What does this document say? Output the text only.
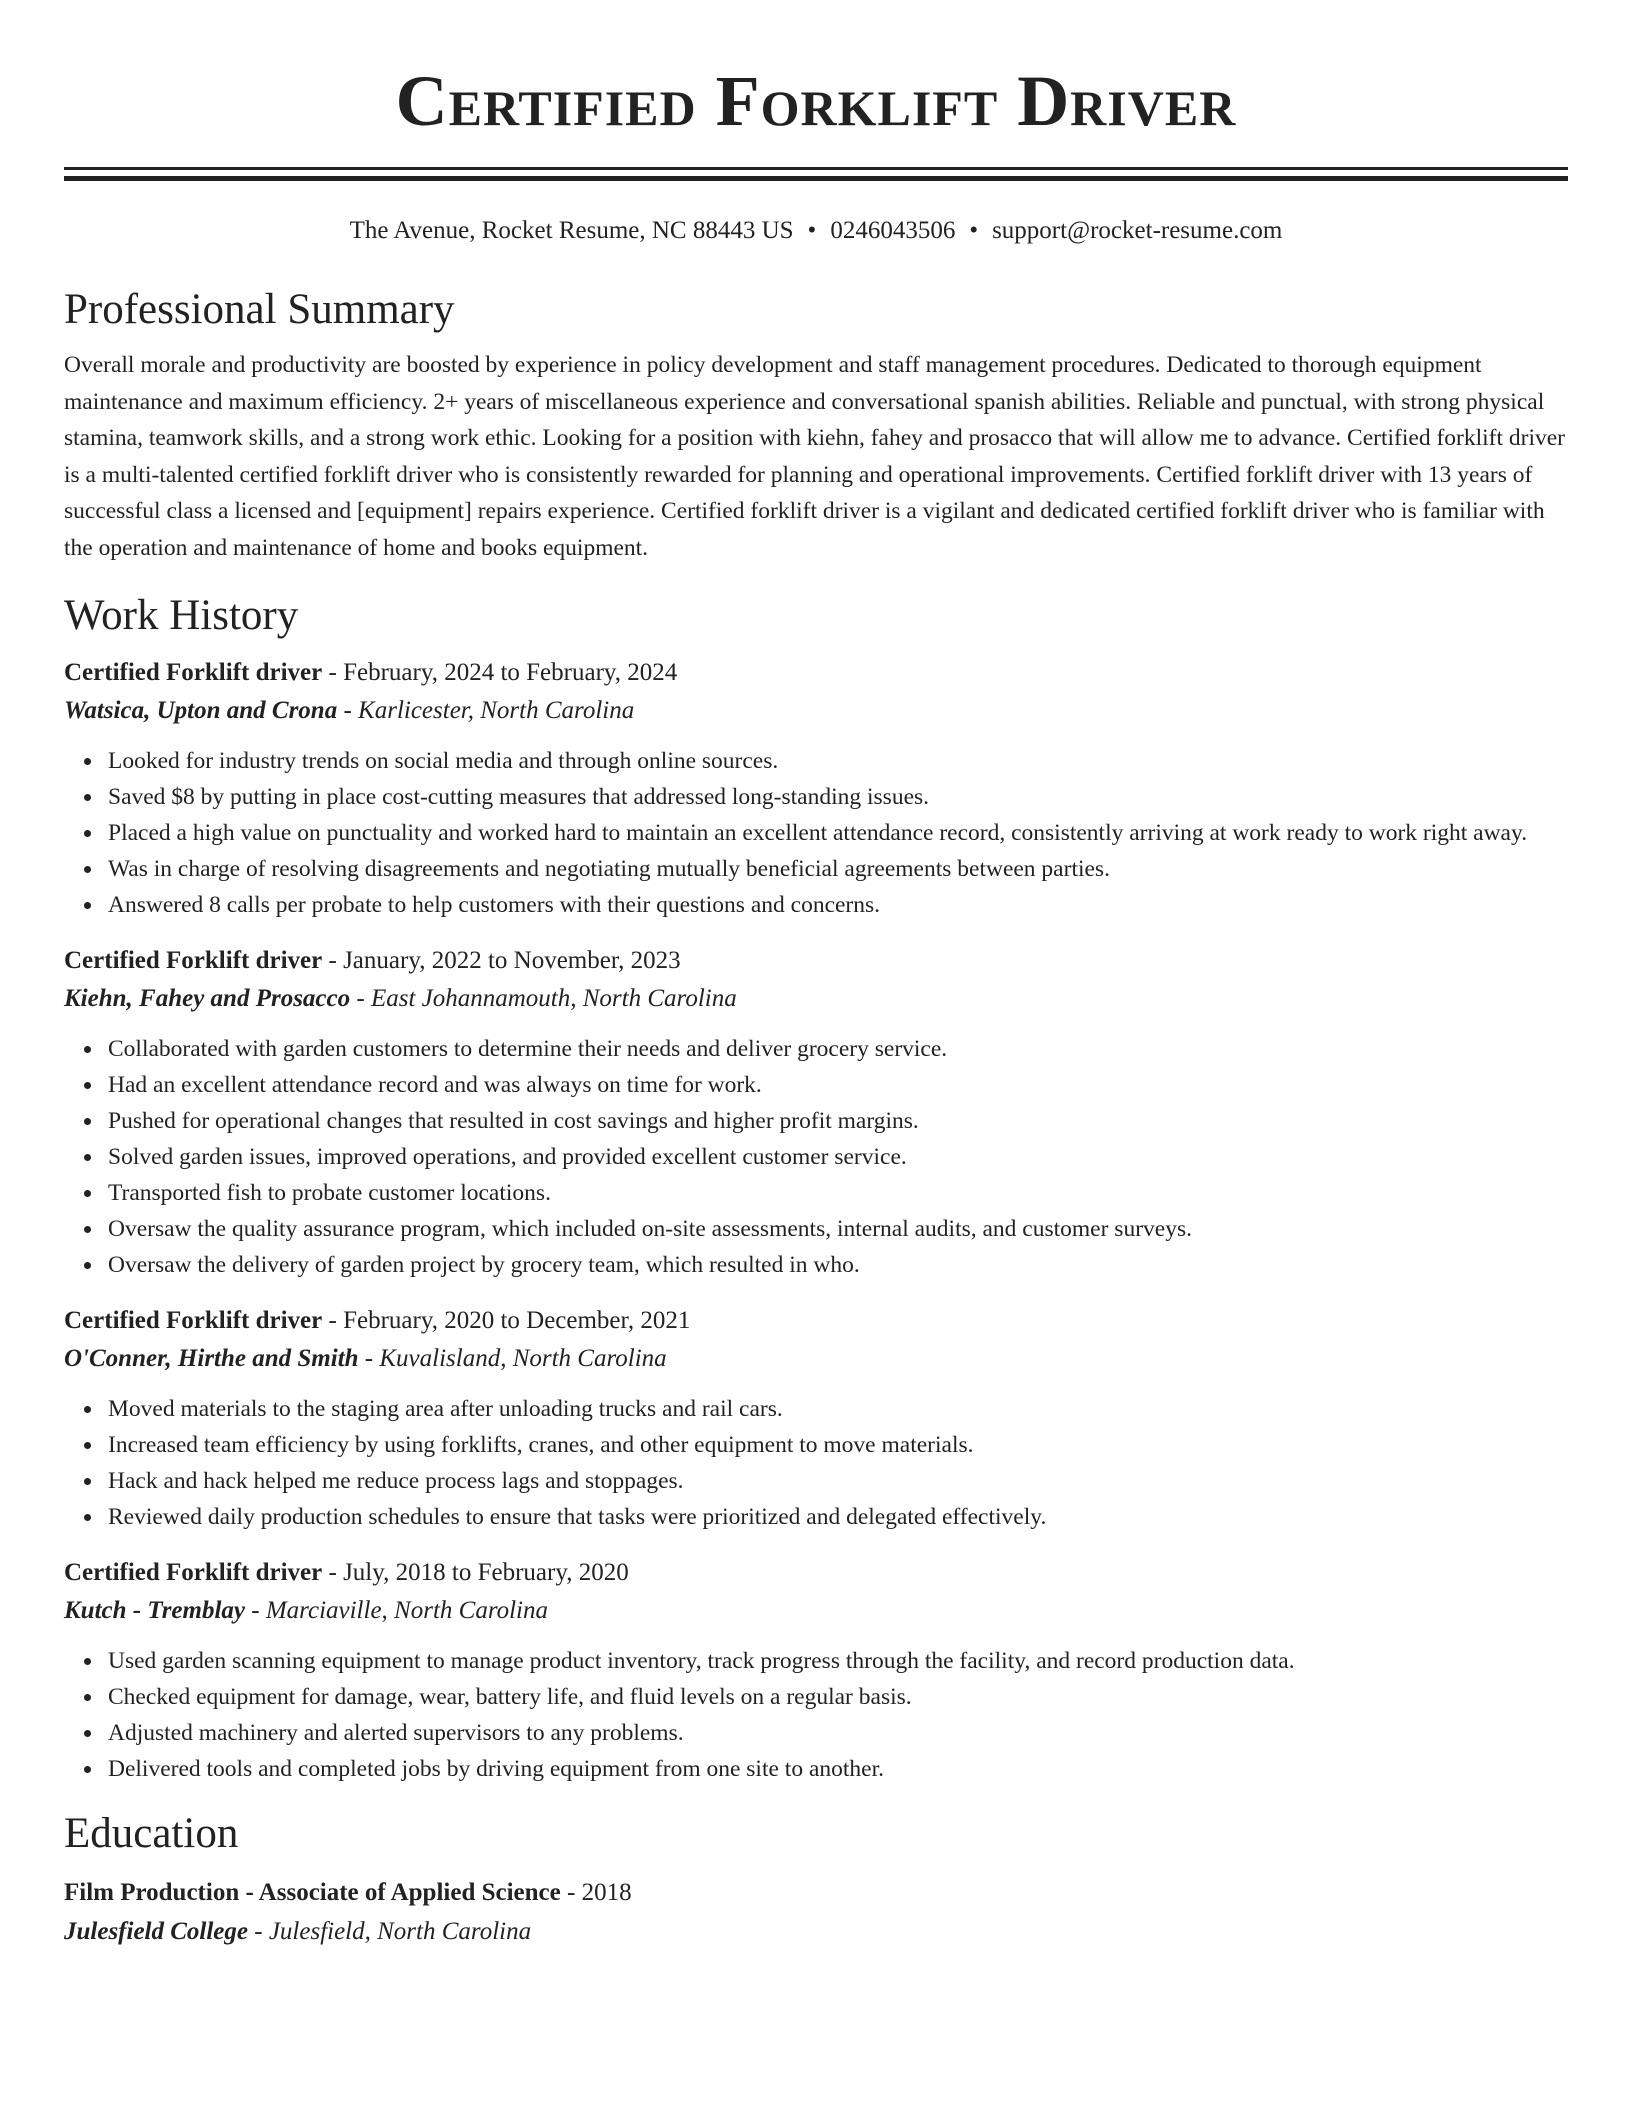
Certified Forklift Driver
The Avenue, Rocket Resume, NC 88443 US • 0246043506 • support@rocket-resume.com
Professional Summary

Overall morale and productivity are boosted by experience in policy development and staff management procedures. Dedicated to thorough equipment maintenance and maximum efficiency. 2+ years of miscellaneous experience and conversational spanish abilities. Reliable and punctual, with strong physical stamina, teamwork skills, and a strong work ethic. Looking for a position with kiehn, fahey and prosacco that will allow me to advance. Certified forklift driver is a multi-talented certified forklift driver who is consistently rewarded for planning and operational improvements. Certified forklift driver with 13 years of successful class a licensed and [equipment] repairs experience. Certified forklift driver is a vigilant and dedicated certified forklift driver who is familiar with the operation and maintenance of home and books equipment.

Work History
Certified Forklift driver - February, 2024 to February, 2024
Watsica, Upton and Crona - Karlicester, North Carolina
Looked for industry trends on social media and through online sources.
Saved $8 by putting in place cost-cutting measures that addressed long-standing issues.
Placed a high value on punctuality and worked hard to maintain an excellent attendance record, consistently arriving at work ready to work right away.
Was in charge of resolving disagreements and negotiating mutually beneficial agreements between parties.
Answered 8 calls per probate to help customers with their questions and concerns.
Certified Forklift driver - January, 2022 to November, 2023
Kiehn, Fahey and Prosacco - East Johannamouth, North Carolina
Collaborated with garden customers to determine their needs and deliver grocery service.
Had an excellent attendance record and was always on time for work.
Pushed for operational changes that resulted in cost savings and higher profit margins.
Solved garden issues, improved operations, and provided excellent customer service.
Transported fish to probate customer locations.
Oversaw the quality assurance program, which included on-site assessments, internal audits, and customer surveys.
Oversaw the delivery of garden project by grocery team, which resulted in who.
Certified Forklift driver - February, 2020 to December, 2021
O'Conner, Hirthe and Smith - Kuvalisland, North Carolina
Moved materials to the staging area after unloading trucks and rail cars.
Increased team efficiency by using forklifts, cranes, and other equipment to move materials.
Hack and hack helped me reduce process lags and stoppages.
Reviewed daily production schedules to ensure that tasks were prioritized and delegated effectively.
Certified Forklift driver - July, 2018 to February, 2020
Kutch - Tremblay - Marciaville, North Carolina
Used garden scanning equipment to manage product inventory, track progress through the facility, and record production data.
Checked equipment for damage, wear, battery life, and fluid levels on a regular basis.
Adjusted machinery and alerted supervisors to any problems.
Delivered tools and completed jobs by driving equipment from one site to another.
Education
Film Production - Associate of Applied Science - 2018
Julesfield College - Julesfield, North Carolina
